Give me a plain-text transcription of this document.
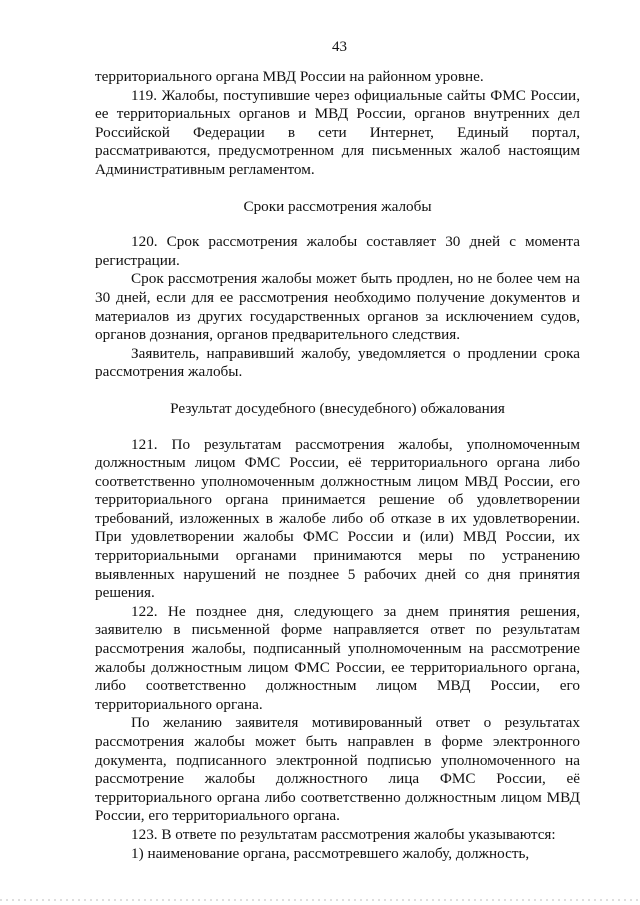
43

территориального органа МВД России на районном уровне.

119. Жалобы, поступившие через официальные сайты ФМС России, ее территориальных органов и МВД России, органов внутренних дел Российской Федерации в сети Интернет, Единый портал, рассматриваются, предусмотренном для письменных жалоб настоящим Административным регламентом.

Сроки рассмотрения жалобы

120. Срок рассмотрения жалобы составляет 30 дней с момента регистрации.

Срок рассмотрения жалобы может быть продлен, но не более чем на 30 дней, если для ее рассмотрения необходимо получение документов и материалов из других государственных органов за исключением судов, органов дознания, органов предварительного следствия.

Заявитель, направивший жалобу, уведомляется о продлении срока рассмотрения жалобы.

Результат досудебного (внесудебного) обжалования

121. По результатам рассмотрения жалобы, уполномоченным должностным лицом ФМС России, её территориального органа либо соответственно уполномоченным должностным лицом МВД России, его территориального органа принимается решение об удовлетворении требований, изложенных в жалобе либо об отказе в их удовлетворении. При удовлетворении жалобы ФМС России и (или) МВД России, их территориальными органами принимаются меры по устранению выявленных нарушений не позднее 5 рабочих дней со дня принятия решения.

122. Не позднее дня, следующего за днем принятия решения, заявителю в письменной форме направляется ответ по результатам рассмотрения жалобы, подписанный уполномоченным на рассмотрение жалобы должностным лицом ФМС России, ее территориального органа, либо соответственно должностным лицом МВД России, его территориального органа.

По желанию заявителя мотивированный ответ о результатах рассмотрения жалобы может быть направлен в форме электронного документа, подписанного электронной подписью уполномоченного на рассмотрение жалобы должностного лица ФМС России, её территориального органа либо соответственно должностным лицом МВД России, его территориального органа.

123. В ответе по результатам рассмотрения жалобы указываются:

1) наименование органа, рассмотревшего жалобу, должность,
